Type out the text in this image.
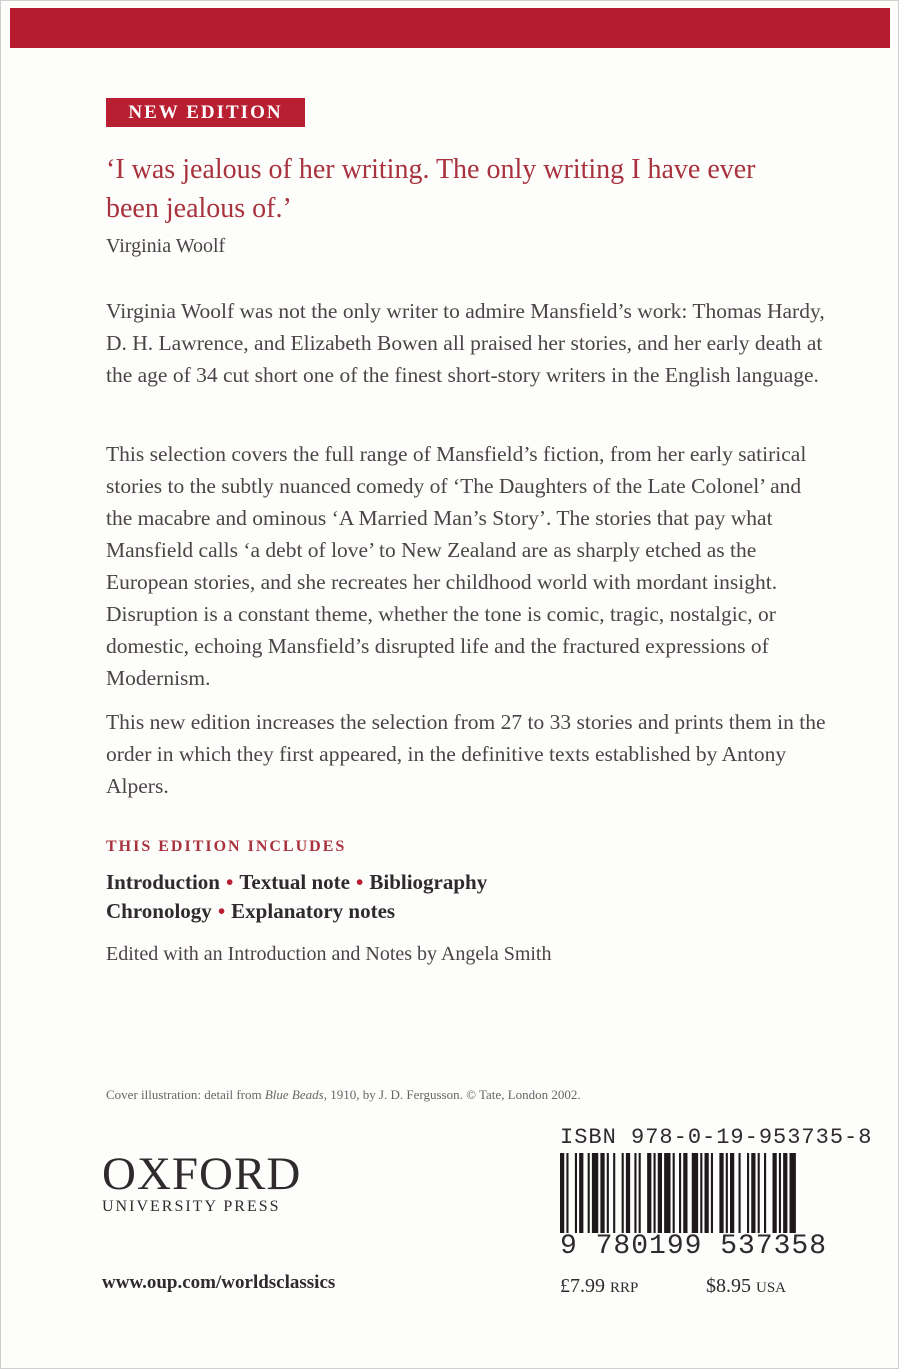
NEW EDITION
‘I was jealous of her writing. The only writing I have ever been jealous of.’
Virginia Woolf

Virginia Woolf was not the only writer to admire Mansfield’s work: Thomas Hardy, D. H. Lawrence, and Elizabeth Bowen all praised her stories, and her early death at the age of 34 cut short one of the finest short-story writers in the English language.

This selection covers the full range of Mansfield’s fiction, from her early satirical stories to the subtly nuanced comedy of ‘The Daughters of the Late Colonel’ and the macabre and ominous ‘A Married Man’s Story’. The stories that pay what Mansfield calls ‘a debt of love’ to New Zealand are as sharply etched as the European stories, and she recreates her childhood world with mordant insight. Disruption is a constant theme, whether the tone is comic, tragic, nostalgic, or domestic, echoing Mansfield’s disrupted life and the fractured expressions of Modernism.

This new edition increases the selection from 27 to 33 stories and prints them in the order in which they first appeared, in the definitive texts established by Antony Alpers.

THIS EDITION INCLUDES
Introduction • Textual note • Bibliography
Chronology • Explanatory notes
Edited with an Introduction and Notes by Angela Smith
Cover illustration: detail from Blue Beads, 1910, by J. D. Fergusson. © Tate, London 2002.
OXFORD
UNIVERSITY PRESS
ISBN 978-0-19-953735-8
9 780199 537358
www.oup.com/worldsclassics	£7.99 RRP	$8.95 USA
